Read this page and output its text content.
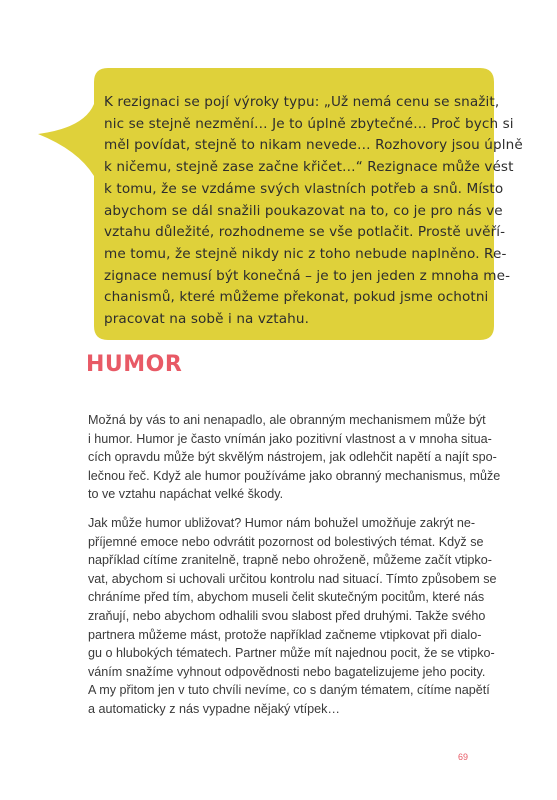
K rezignaci se pojí výroky typu: „Už nemá cenu se snažit,
nic se stejně nezmění… Je to úplně zbytečné… Proč bych si
měl povídat, stejně to nikam nevede… Rozhovory jsou úplně
k ničemu, stejně zase začne křičet…“ Rezignace může vést
k tomu, že se vzdáme svých vlastních potřeb a snů. Místo
abychom se dál snažili poukazovat na to, co je pro nás ve
vztahu důležité, rozhodneme se vše potlačit. Prostě uvěří-
me tomu, že stejně nikdy nic z toho nebude naplněno. Re-
zignace nemusí být konečná – je to jen jeden z mnoha me-
chanismů, které můžeme překonat, pokud jsme ochotni
pracovat na sobě i na vztahu.
HUMOR
Možná by vás to ani nenapadlo, ale obranným mechanismem může být
i humor. Humor je často vnímán jako pozitivní vlastnost a v mnoha situa-
cích opravdu může být skvělým nástrojem, jak odlehčit napětí a najít spo-
lečnou řeč. Když ale humor používáme jako obranný mechanismus, může
to ve vztahu napáchat velké škody.
Jak může humor ubližovat? Humor nám bohužel umožňuje zakrýt ne-
příjemné emoce nebo odvrátit pozornost od bolestivých témat. Když se
například cítíme zranitelně, trapně nebo ohroženě, můžeme začít vtipko-
vat, abychom si uchovali určitou kontrolu nad situací. Tímto způsobem se
chráníme před tím, abychom museli čelit skutečným pocitům, které nás
zraňují, nebo abychom odhalili svou slabost před druhými. Takže svého
partnera můžeme mást, protože například začneme vtipkovat při dialo-
gu o hlubokých tématech. Partner může mít najednou pocit, že se vtipko-
váním snažíme vyhnout odpovědnosti nebo bagatelizujeme jeho pocity.
A my přitom jen v tuto chvíli nevíme, co s daným tématem, cítíme napětí
a automaticky z nás vypadne nějaký vtípek…
69
